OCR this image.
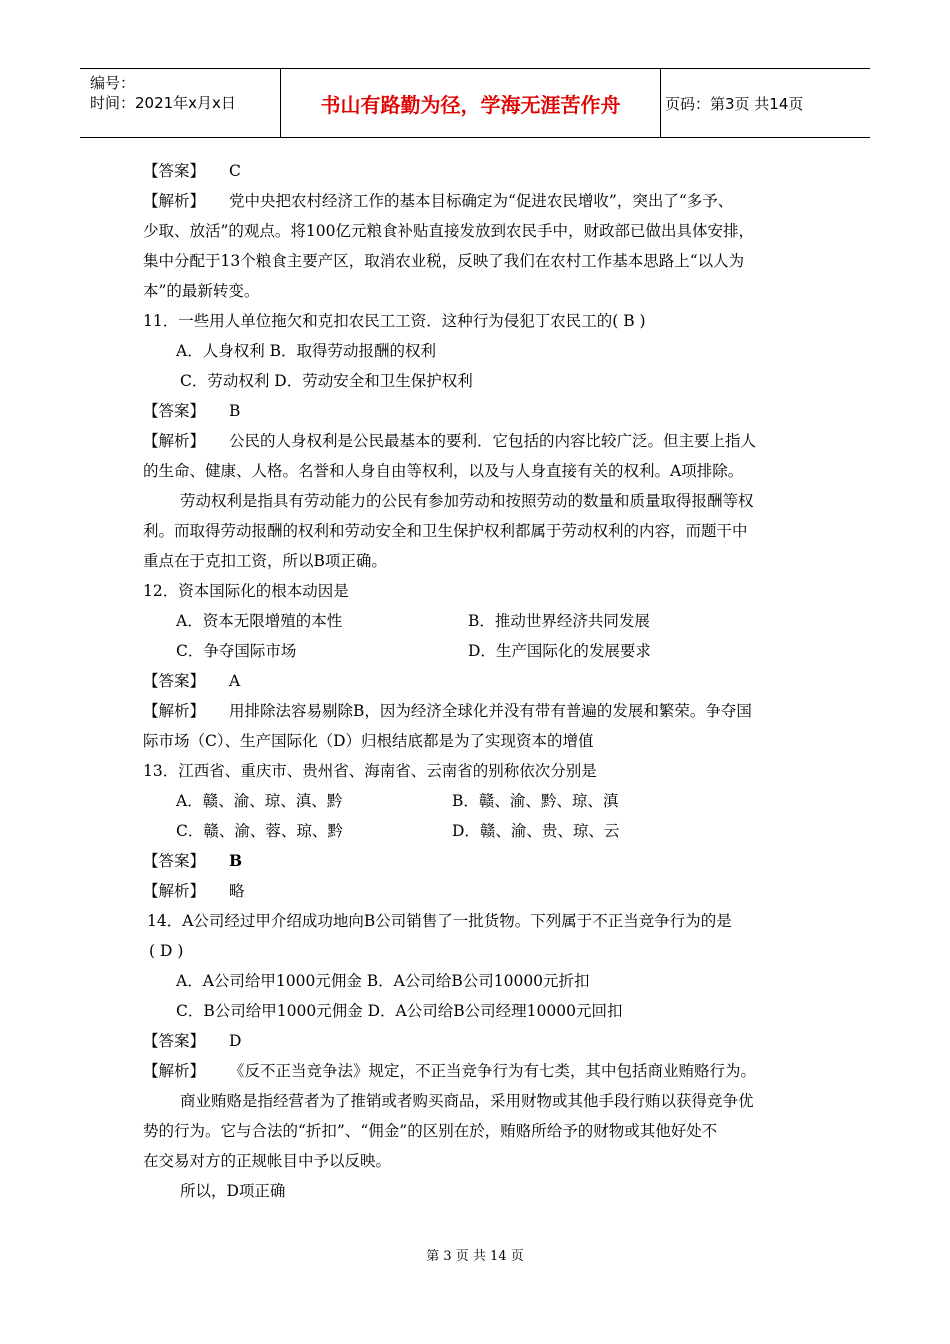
编号：
时间：2021年x月x日	书山有路勤为径，学海无涯苦作舟	页码：第3页 共14页
【答案】 C
【解析】 党中央把农村经济工作的基本目标确定为“促进农民增收”，突出了“多予、
少取、放活”的观点。将100亿元粮食补贴直接发放到农民手中，财政部已做出具体安排，
集中分配于13个粮食主要产区，取消农业税，反映了我们在农村工作基本思路上“以人为
本”的最新转变。
11．一些用人单位拖欠和克扣农民工工资．这种行为侵犯丁农民工的( B )
A．人身权利 B．取得劳动报酬的权利
C．劳动权利 D．劳动安全和卫生保护权利
【答案】 B
【解析】 公民的人身权利是公民最基本的要利．它包括的内容比较广泛。但主要上指人
的生命、健康、人格。名誉和人身自由等权利，以及与人身直接有关的权利。A项排除。
劳动权利是指具有劳动能力的公民有参加劳动和按照劳动的数量和质量取得报酬等权
利。而取得劳动报酬的权利和劳动安全和卫生保护权利都属于劳动权利的内容，而题干中
重点在于克扣工资，所以B项正确。
12．资本国际化的根本动因是
A．资本无限增殖的本性	B．推动世界经济共同发展
C．争夺国际市场	D．生产国际化的发展要求
【答案】 A
【解析】 用排除法容易剔除B，因为经济全球化并没有带有普遍的发展和繁荣。争夺国
际市场（C）、生产国际化（D）归根结底都是为了实现资本的增值
13．江西省、重庆市、贵州省、海南省、云南省的别称依次分别是
A．赣、渝、琼、滇、黔	B．赣、渝、黔、琼、滇
C．赣、渝、蓉、琼、黔	D．赣、渝、贵、琼、云
【答案】 B
【解析】 略
14．A公司经过甲介绍成功地向B公司销售了一批货物。下列属于不正当竞争行为的是
( D )
A．A公司给甲1000元佣金 B．A公司给B公司10000元折扣
C．B公司给甲1000元佣金 D．A公司给B公司经理10000元回扣
【答案】 D
【解析】 《反不正当竞争法》规定，不正当竞争行为有七类，其中包括商业贿赂行为。
商业贿赂是指经营者为了推销或者购买商品，采用财物或其他手段行贿以获得竞争优
势的行为。它与合法的“折扣”、“佣金”的区别在於，贿赂所给予的财物或其他好处不
在交易对方的正规帐目中予以反映。
所以，D项正确
第 3 页 共 14 页
